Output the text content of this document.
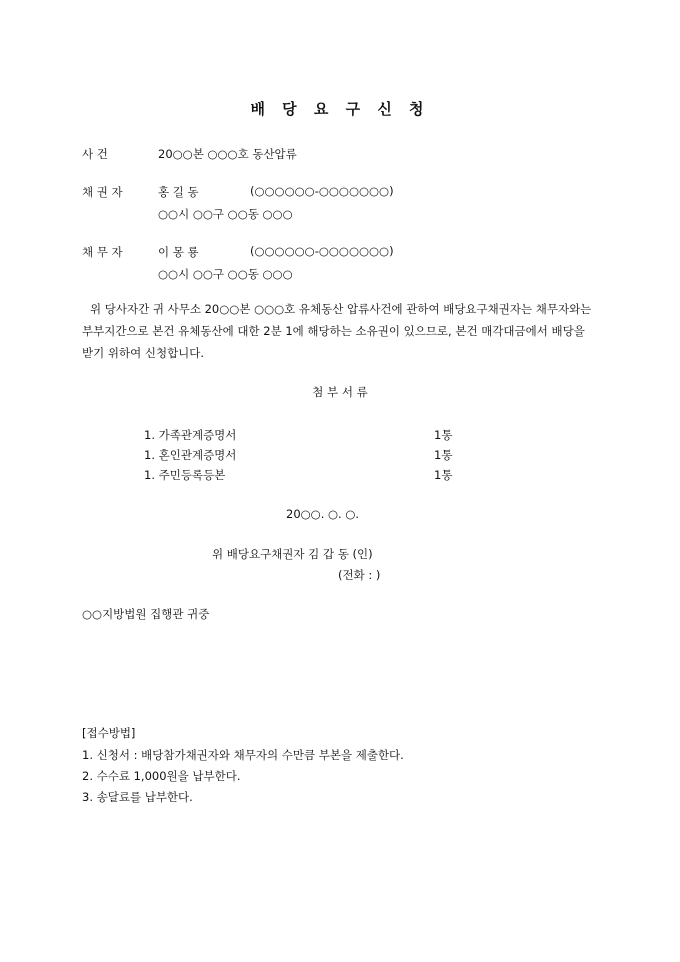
배 당 요 구 신 청
사 건	20○○본 ○○○호 동산압류
채 권 자	홍 길 동	(○○○○○○-○○○○○○○)
○○시 ○○구 ○○동 ○○○
채 무 자	이 몽 룡	(○○○○○○-○○○○○○○)
○○시 ○○구 ○○동 ○○○
위 당사자간 귀 사무소 20○○본 ○○○호 유체동산 압류사건에 관하여 배당요구채권자는 채무자와는 부부지간으로 본건 유체동산에 대한 2분 1에 해당하는 소유권이 있으므로, 본건 매각대금에서 배당을 받기 위하여 신청합니다.
첨 부 서 류
1. 가족관계증명서	1통
1. 혼인관계증명서	1통
1. 주민등록등본	1통
20○○. ○. ○.
위 배당요구채권자 김 갑 동 (인)
(전화 : )
○○지방법원 집행관 귀중
[접수방법]
1. 신청서 : 배당참가채권자와 채무자의 수만큼 부본을 제출한다.
2. 수수료 1,000원을 납부한다.
3. 송달료를 납부한다.
